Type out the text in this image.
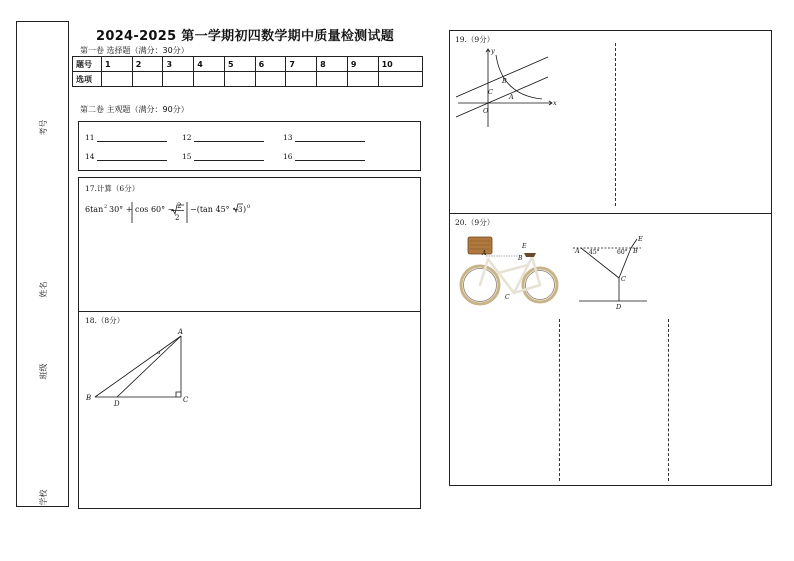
考号
姓名
班级
学校
2024-2025 第一学期初四数学期中质量检测试题
第一卷 选择题（满分：30分）
题号	1	2	3	4	5	6	7	8	9	10
选项										
第二卷 主观题（满分：90分）
11	12	13
14	15	16
17.计算（6分）
6tan 2 30° + cos 60° − 2
2
−(tan 45° − 3 ) 0
18.（8分）
A
B	C
D
α
19.（9分）
x
y
A
B
C
O
20.（9分）
A
B
C
E
A	B
C
D
E
45°	60°
